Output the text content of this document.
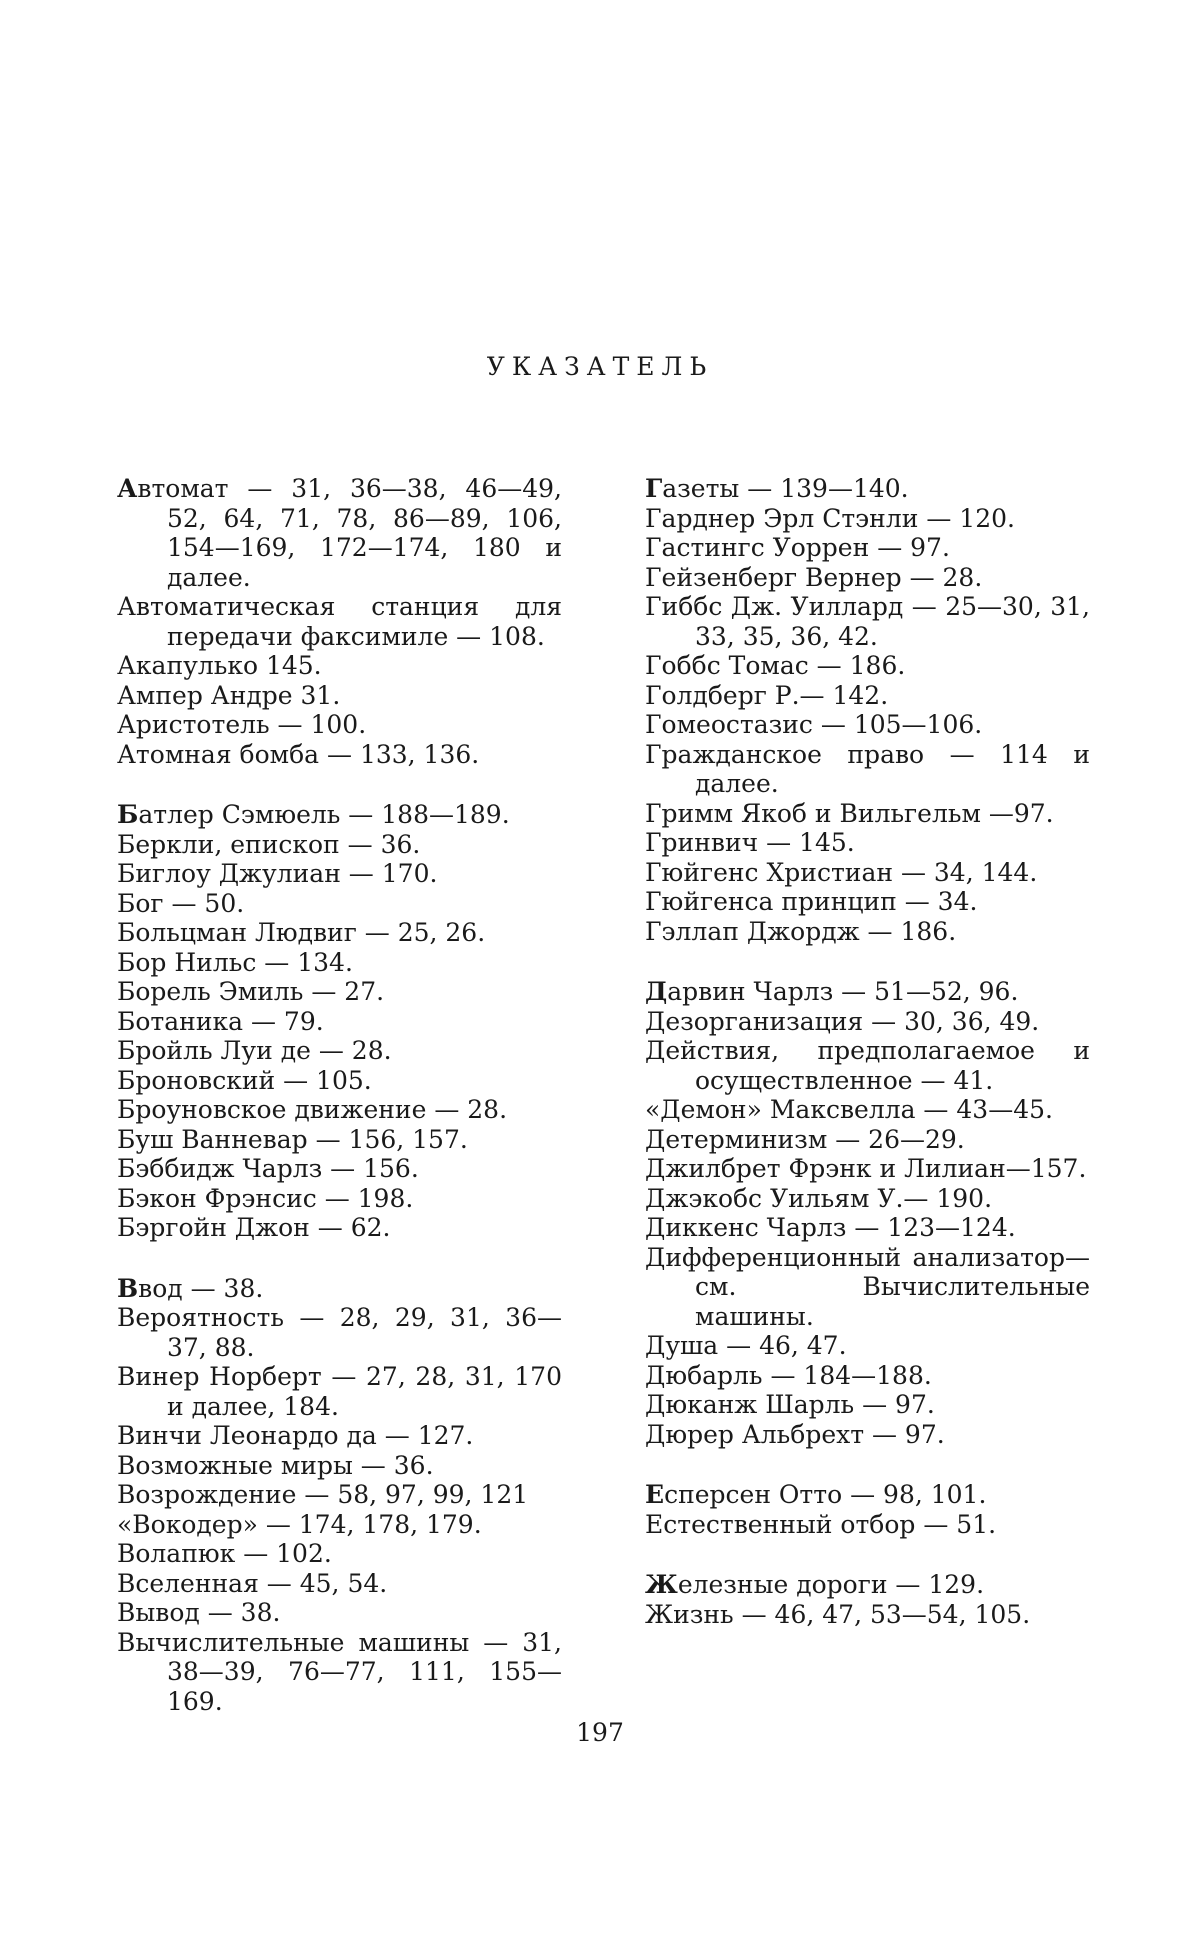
УКАЗАТЕЛЬ

Автомат — 31, 36—38, 46—49, 52, 64, 71, 78, 86—89, 106, 154—169, 172—174, 180 и далее.

Автоматическая станция для передачи факсимиле — 108.

Акапулько 145.

Ампер Андре 31.

Аристотель — 100.

Атомная бомба — 133, 136.

Батлер Сэмюель — 188—189.

Беркли, епископ — 36.

Биглоу Джулиан — 170.

Бог — 50.

Больцман Людвиг — 25, 26.

Бор Нильс — 134.

Борель Эмиль — 27.

Ботаника — 79.

Бройль Луи де — 28.

Броновский — 105.

Броуновское движение — 28.

Буш Ванневар — 156, 157.

Бэббидж Чарлз — 156.

Бэкон Фрэнсис — 198.

Бэргойн Джон — 62.

Ввод — 38.

Вероятность — 28, 29, 31, 36—37, 88.

Винер Норберт — 27, 28, 31, 170 и далее, 184.

Винчи Леонардо да — 127.

Возможные миры — 36.

Возрождение — 58, 97, 99, 121

«Вокодер» — 174, 178, 179.

Волапюк — 102.

Вселенная — 45, 54.

Вывод — 38.

Вычислительные машины — 31, 38—39, 76—77, 111, 155—169.

Газеты — 139—140.

Гарднер Эрл Стэнли — 120.

Гастингс Уоррен — 97.

Гейзенберг Вернер — 28.

Гиббс Дж. Уиллард — 25—30, 31, 33, 35, 36, 42.

Гоббс Томас — 186.

Голдберг Р.— 142.

Гомеостазис — 105—106.

Гражданское право — 114 и далее.

Гримм Якоб и Вильгельм —97.

Гринвич — 145.

Гюйгенс Христиан — 34, 144.

Гюйгенса принцип — 34.

Гэллап Джордж — 186.

Дарвин Чарлз — 51—52, 96.

Дезорганизация — 30, 36, 49.

Действия, предполагаемое и осуществленное — 41.

«Демон» Максвелла — 43—45.

Детерминизм — 26—29.

Джилбрет Фрэнк и Лилиан—157.

Джэкобс Уильям У.— 190.

Диккенс Чарлз — 123—124.

Дифференционный анализатор— см. Вычислительные машины.

Душа — 46, 47.

Дюбарль — 184—188.

Дюканж Шарль — 97.

Дюрер Альбрехт — 97.

Есперсен Отто — 98, 101.

Естественный отбор — 51.

Железные дороги — 129.

Жизнь — 46, 47, 53—54, 105.

197
